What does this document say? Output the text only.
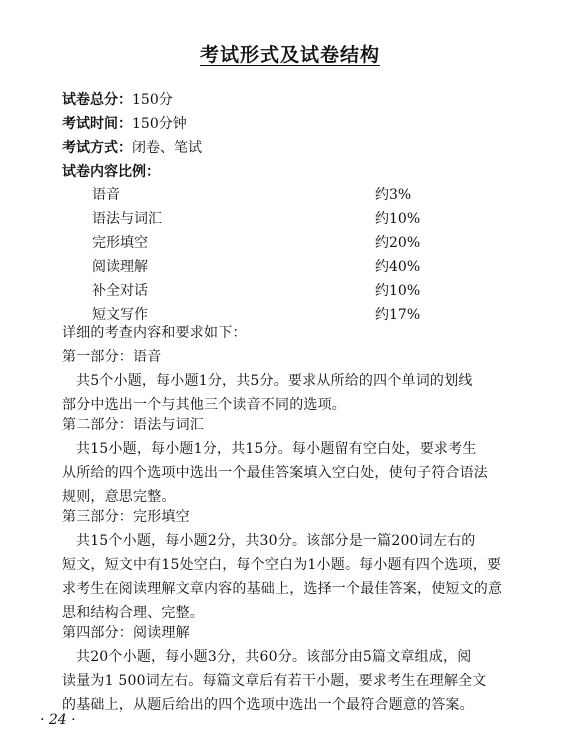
考试形式及试卷结构
试卷总分：150分
考试时间：150分钟
考试方式：闭卷、笔试
试卷内容比例：
语音	约3%
语法与词汇	约10%
完形填空	约20%
阅读理解	约40%
补全对话	约10%
短文写作	约17%
详细的考查内容和要求如下：
第一部分：语音
共5个小题，每小题1分，共5分。要求从所给的四个单词的划线
部分中选出一个与其他三个读音不同的选项。
第二部分：语法与词汇
共15小题，每小题1分，共15分。每小题留有空白处，要求考生
从所给的四个选项中选出一个最佳答案填入空白处，使句子符合语法
规则，意思完整。
第三部分：完形填空
共15个小题，每小题2分，共30分。该部分是一篇200词左右的
短文，短文中有15处空白，每个空白为1小题。每小题有四个选项，要
求考生在阅读理解文章内容的基础上，选择一个最佳答案，使短文的意
思和结构合理、完整。
第四部分：阅读理解
共20个小题，每小题3分，共60分。该部分由5篇文章组成，阅
读量为1 500词左右。每篇文章后有若干小题，要求考生在理解全文
的基础上，从题后给出的四个选项中选出一个最符合题意的答案。
· 24 ·
